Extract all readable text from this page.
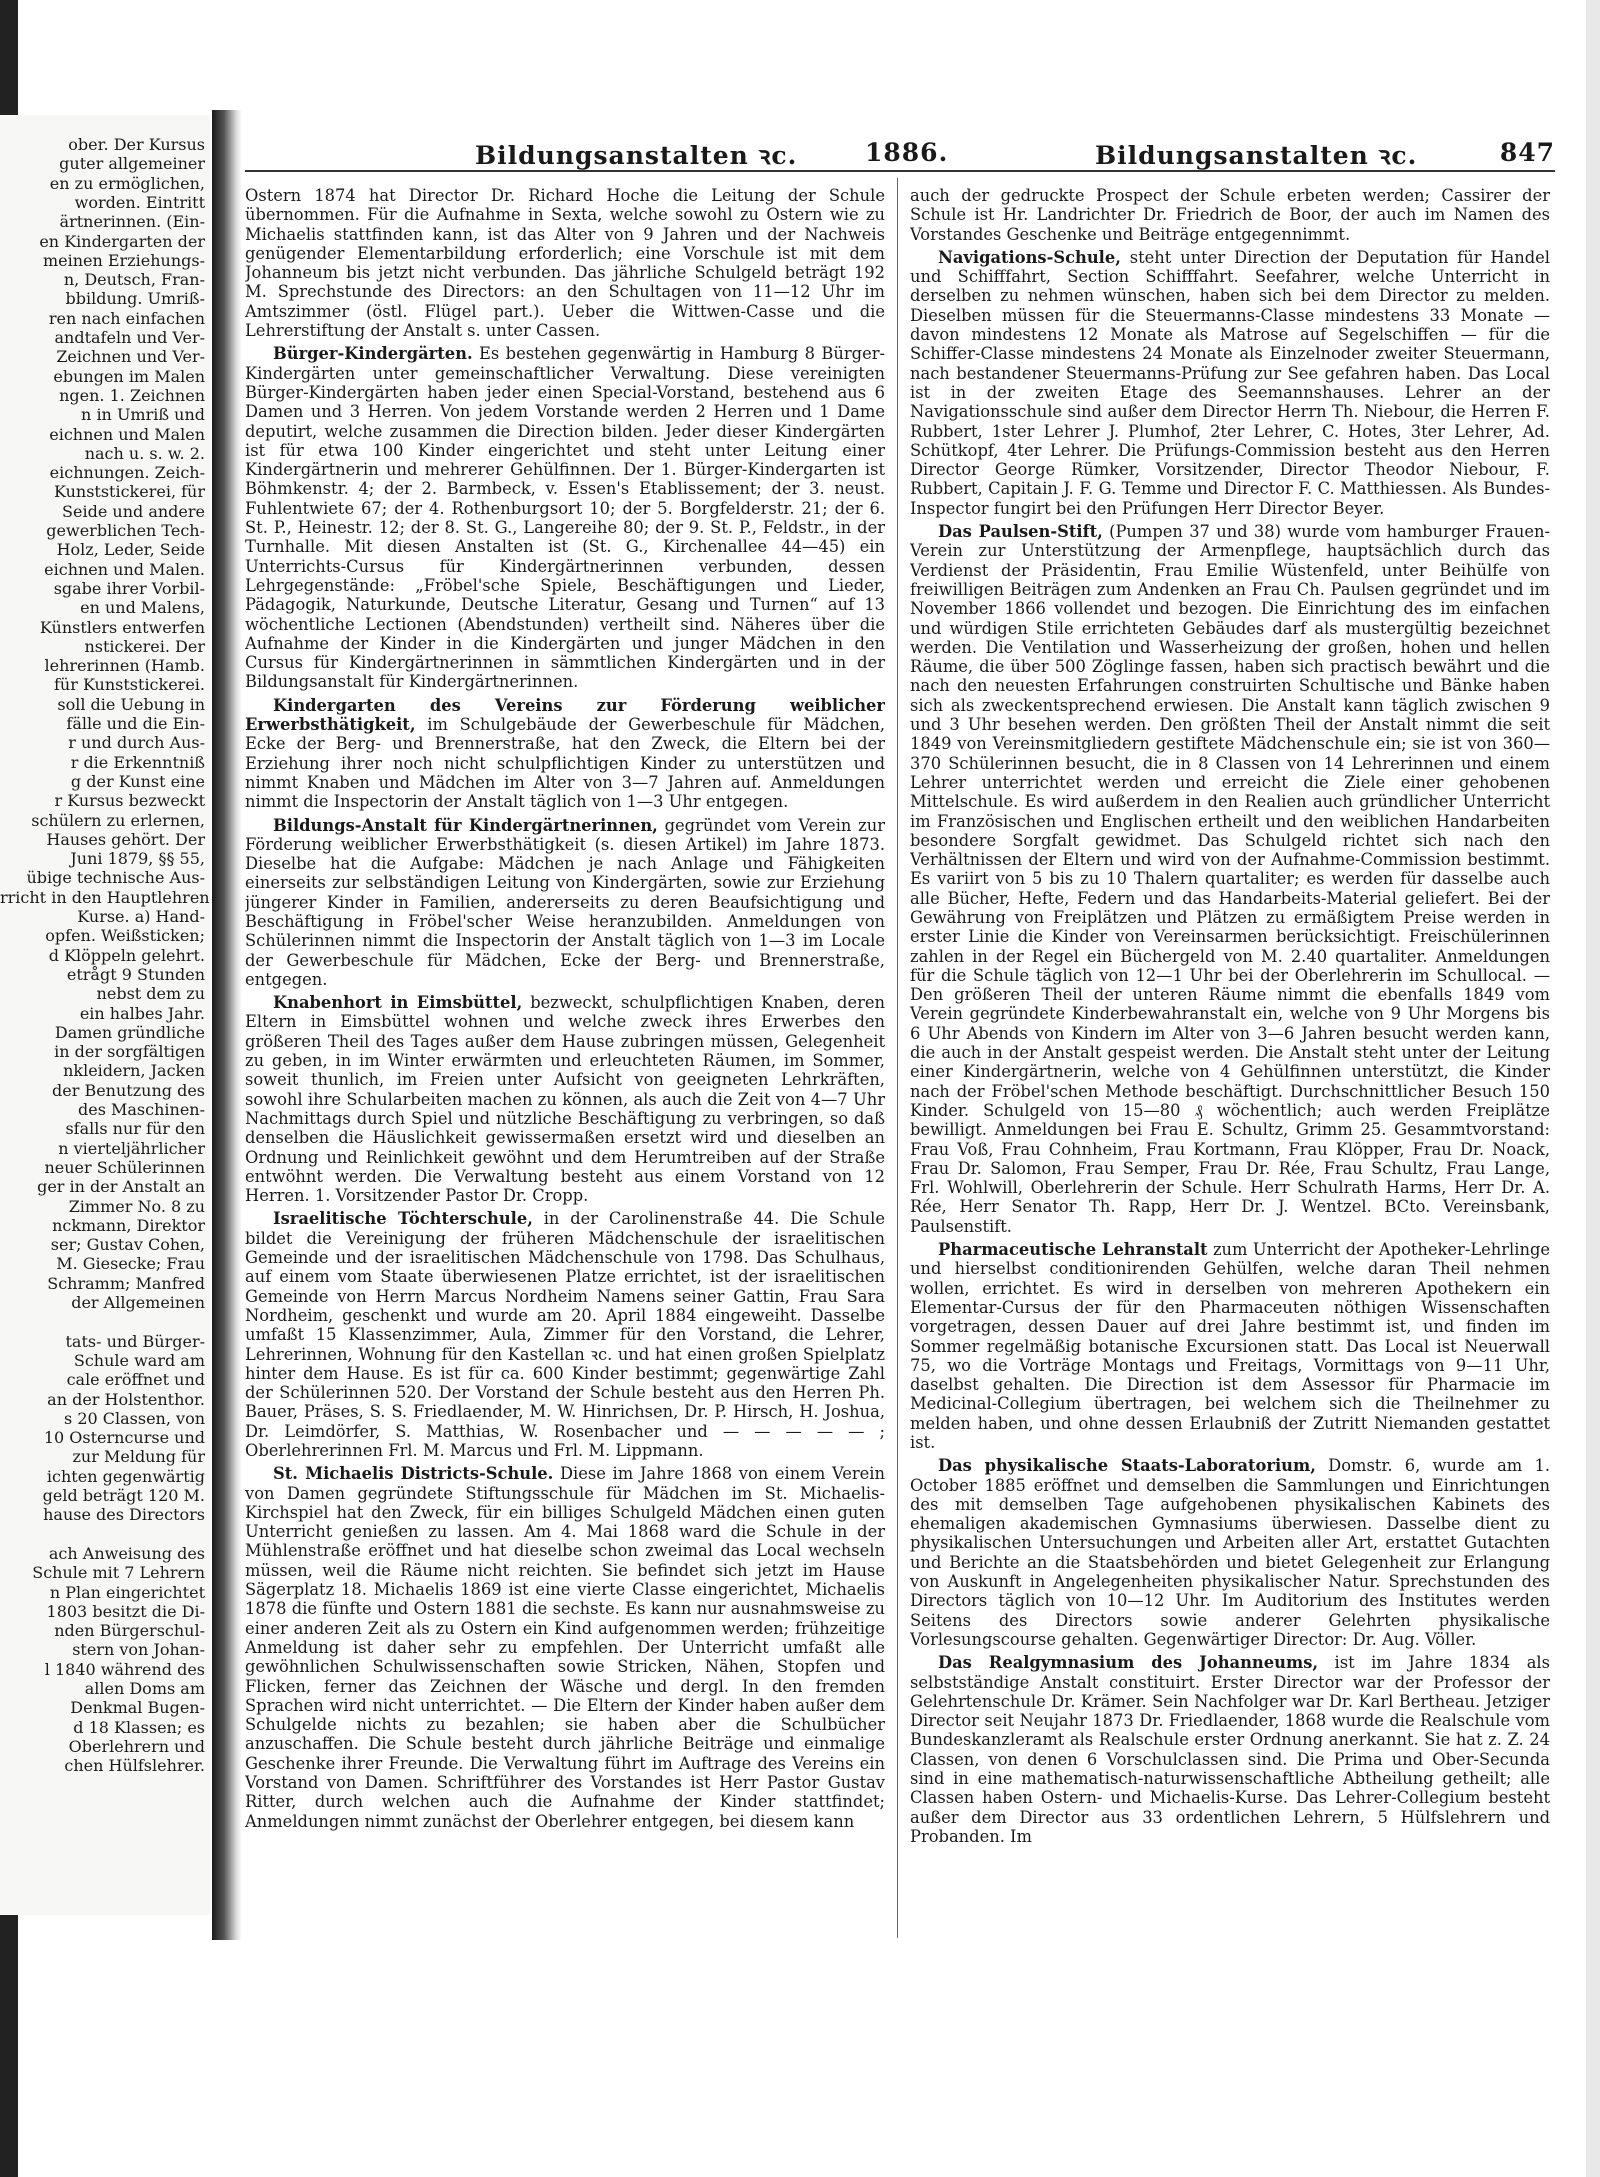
ober. Der Kursus
guter allgemeiner
en zu ermöglichen,
worden. Eintritt
ärtnerinnen. (Ein-
en Kindergarten der
meinen Erziehungs-
n, Deutsch, Fran-
bbildung. Umriß-
ren nach einfachen
andtafeln und Ver-
Zeichnen und Ver-
ebungen im Malen
ngen. 1. Zeichnen
n in Umriß und
eichnen und Malen
nach u. s. w. 2.
eichnungen. Zeich-
Kunststickerei, für
Seide und andere
gewerblichen Tech-
Holz, Leder, Seide
eichnen und Malen.
sgabe ihrer Vorbil-
en und Malens,
Künstlers entwerfen
nstickerei. Der
lehrerinnen (Hamb.
für Kunststickerei.
soll die Uebung in
fälle und die Ein-
r und durch Aus-
r die Erkenntniß
g der Kunst eine
r Kursus bezweckt
schülern zu erlernen,
Hauses gehört. Der
Juni 1879, §§ 55,
übige technische Aus-
rricht in den Hauptlehren
Kurse. a) Hand-
opfen. Weißsticken;
d Klöppeln gelehrt.
etrågt 9 Stunden
nebst dem zu
ein halbes Jahr.
Damen gründliche
in der sorgfältigen
nkleidern, Jacken
der Benutzung des
des Maschinen-
sfalls nur für den
n vierteljährlicher
neuer Schülerinnen
ger in der Anstalt an
Zimmer No. 8 zu
nckmann, Direktor
ser; Gustav Cohen,
M. Giesecke; Frau
Schramm; Manfred
der Allgemeinen
tats- und Bürger-
Schule ward am
cale eröffnet und
an der Holstenthor.
s 20 Classen, von
10 Osterncurse und
zur Meldung für
ichten gegenwärtig
geld beträgt 120 M.
hause des Directors
ach Anweisung des
Schule mit 7 Lehrern
n Plan eingerichtet
1803 besitzt die Di-
nden Bürgerschul-
stern von Johan-
l 1840 während des
allen Doms am
Denkmal Bugen-
d 18 Klassen; es
Oberlehrern und
chen Hülfslehrer.
Bildungsanstalten ꝛc.	1886.	Bildungsanstalten ꝛc.	847

Ostern 1874 hat Director Dr. Richard Hoche die Leitung der Schule übernommen. Für die Aufnahme in Sexta, welche sowohl zu Ostern wie zu Michaelis stattfinden kann, ist das Alter von 9 Jahren und der Nachweis genügender Elementarbildung erforderlich; eine Vorschule ist mit dem Johanneum bis jetzt nicht verbunden. Das jährliche Schulgeld beträgt 192 M. Sprechstunde des Directors: an den Schultagen von 11—12 Uhr im Amtszimmer (östl. Flügel part.). Ueber die Wittwen-Casse und die Lehrerstiftung der Anstalt s. unter Cassen.

Bürger-Kindergärten. Es bestehen gegenwärtig in Hamburg 8 Bürger-Kindergärten unter gemeinschaftlicher Verwaltung. Diese vereinigten Bürger-Kindergärten haben jeder einen Special-Vorstand, bestehend aus 6 Damen und 3 Herren. Von jedem Vorstande werden 2 Herren und 1 Dame deputirt, welche zusammen die Direction bilden. Jeder dieser Kindergärten ist für etwa 100 Kinder eingerichtet und steht unter Leitung einer Kindergärtnerin und mehrerer Gehülfinnen. Der 1. Bürger-Kindergarten ist Böhmkenstr. 4; der 2. Barmbeck, v. Essen's Etablissement; der 3. neust. Fuhlentwiete 67; der 4. Rothenburgsort 10; der 5. Borgfelderstr. 21; der 6. St. P., Heinestr. 12; der 8. St. G., Langereihe 80; der 9. St. P., Feldstr., in der Turnhalle. Mit diesen Anstalten ist (St. G., Kirchenallee 44—45) ein Unterrichts-Cursus für Kindergärtnerinnen verbunden, dessen Lehrgegenstände: „Fröbel'sche Spiele, Beschäftigungen und Lieder, Pädagogik, Naturkunde, Deutsche Literatur, Gesang und Turnen“ auf 13 wöchentliche Lectionen (Abendstunden) vertheilt sind. Näheres über die Aufnahme der Kinder in die Kindergärten und junger Mädchen in den Cursus für Kindergärtnerinnen in sämmtlichen Kindergärten und in der Bildungsanstalt für Kindergärtnerinnen.

Kindergarten des Vereins zur Förderung weiblicher Erwerbsthätigkeit, im Schulgebäude der Gewerbeschule für Mädchen, Ecke der Berg- und Brennerstraße, hat den Zweck, die Eltern bei der Erziehung ihrer noch nicht schulpflichtigen Kinder zu unterstützen und nimmt Knaben und Mädchen im Alter von 3—7 Jahren auf. Anmeldungen nimmt die Inspectorin der Anstalt täglich von 1—3 Uhr entgegen.

Bildungs-Anstalt für Kindergärtnerinnen, gegründet vom Verein zur Förderung weiblicher Erwerbsthätigkeit (s. diesen Artikel) im Jahre 1873. Dieselbe hat die Aufgabe: Mädchen je nach Anlage und Fähigkeiten einerseits zur selbständigen Leitung von Kindergärten, sowie zur Erziehung jüngerer Kinder in Familien, andererseits zu deren Beaufsichtigung und Beschäftigung in Fröbel'scher Weise heranzubilden. Anmeldungen von Schülerinnen nimmt die Inspectorin der Anstalt täglich von 1—3 im Locale der Gewerbeschule für Mädchen, Ecke der Berg- und Brennerstraße, entgegen.

Knabenhort in Eimsbüttel, bezweckt, schulpflichtigen Knaben, deren Eltern in Eimsbüttel wohnen und welche zweck ihres Erwerbes den größeren Theil des Tages außer dem Hause zubringen müssen, Gelegenheit zu geben, in im Winter erwärmten und erleuchteten Räumen, im Sommer, soweit thunlich, im Freien unter Aufsicht von geeigneten Lehrkräften, sowohl ihre Schularbeiten machen zu können, als auch die Zeit von 4—7 Uhr Nachmittags durch Spiel und nützliche Beschäftigung zu verbringen, so daß denselben die Häuslichkeit gewissermaßen ersetzt wird und dieselben an Ordnung und Reinlichkeit gewöhnt und dem Herumtreiben auf der Straße entwöhnt werden. Die Verwaltung besteht aus einem Vorstand von 12 Herren. 1. Vorsitzender Pastor Dr. Cropp.

Israelitische Töchterschule, in der Carolinenstraße 44. Die Schule bildet die Vereinigung der früheren Mädchenschule der israelitischen Gemeinde und der israelitischen Mädchenschule von 1798. Das Schulhaus, auf einem vom Staate überwiesenen Platze errichtet, ist der israelitischen Gemeinde von Herrn Marcus Nordheim Namens seiner Gattin, Frau Sara Nordheim, geschenkt und wurde am 20. April 1884 eingeweiht. Dasselbe umfaßt 15 Klassenzimmer, Aula, Zimmer für den Vorstand, die Lehrer, Lehrerinnen, Wohnung für den Kastellan ꝛc. und hat einen großen Spielplatz hinter dem Hause. Es ist für ca. 600 Kinder bestimmt; gegenwärtige Zahl der Schülerinnen 520. Der Vorstand der Schule besteht aus den Herren Ph. Bauer, Präses, S. S. Friedlaender, M. W. Hinrichsen, Dr. P. Hirsch, H. Joshua, Dr. Leimdörfer, S. Matthias, W. Rosenbacher und — — — — — ; Oberlehrerinnen Frl. M. Marcus und Frl. M. Lippmann.

St. Michaelis Districts-Schule. Diese im Jahre 1868 von einem Verein von Damen gegründete Stiftungsschule für Mädchen im St. Michaelis-Kirchspiel hat den Zweck, für ein billiges Schulgeld Mädchen einen guten Unterricht genießen zu lassen. Am 4. Mai 1868 ward die Schule in der Mühlenstraße eröffnet und hat dieselbe schon zweimal das Local wechseln müssen, weil die Räume nicht reichten. Sie befindet sich jetzt im Hause Sägerplatz 18. Michaelis 1869 ist eine vierte Classe eingerichtet, Michaelis 1878 die fünfte und Ostern 1881 die sechste. Es kann nur ausnahmsweise zu einer anderen Zeit als zu Ostern ein Kind aufgenommen werden; frühzeitige Anmeldung ist daher sehr zu empfehlen. Der Unterricht umfaßt alle gewöhnlichen Schulwissenschaften sowie Stricken, Nähen, Stopfen und Flicken, ferner das Zeichnen der Wäsche und dergl. In den fremden Sprachen wird nicht unterrichtet. — Die Eltern der Kinder haben außer dem Schulgelde nichts zu bezahlen; sie haben aber die Schulbücher anzuschaffen. Die Schule besteht durch jährliche Beiträge und einmalige Geschenke ihrer Freunde. Die Verwaltung führt im Auftrage des Vereins ein Vorstand von Damen. Schriftführer des Vorstandes ist Herr Pastor Gustav Ritter, durch welchen auch die Aufnahme der Kinder stattfindet; Anmeldungen nimmt zunächst der Oberlehrer entgegen, bei diesem kann

auch der gedruckte Prospect der Schule erbeten werden; Cassirer der Schule ist Hr. Landrichter Dr. Friedrich de Boor, der auch im Namen des Vorstandes Geschenke und Beiträge entgegennimmt.

Navigations-Schule, steht unter Direction der Deputation für Handel und Schifffahrt, Section Schifffahrt. Seefahrer, welche Unterricht in derselben zu nehmen wünschen, haben sich bei dem Director zu melden. Dieselben müssen für die Steuermanns-Classe mindestens 33 Monate — davon mindestens 12 Monate als Matrose auf Segelschiffen — für die Schiffer-Classe mindestens 24 Monate als Einzelnoder zweiter Steuermann, nach bestandener Steuermanns-Prüfung zur See gefahren haben. Das Local ist in der zweiten Etage des Seemannshauses. Lehrer an der Navigationsschule sind außer dem Director Herrn Th. Niebour, die Herren F. Rubbert, 1ster Lehrer J. Plumhof, 2ter Lehrer, C. Hotes, 3ter Lehrer, Ad. Schütkopf, 4ter Lehrer. Die Prüfungs-Commission besteht aus den Herren Director George Rümker, Vorsitzender, Director Theodor Niebour, F. Rubbert, Capitain J. F. G. Temme und Director F. C. Matthiessen. Als Bundes-Inspector fungirt bei den Prüfungen Herr Director Beyer.

Das Paulsen-Stift, (Pumpen 37 und 38) wurde vom hamburger Frauen-Verein zur Unterstützung der Armenpflege, hauptsächlich durch das Verdienst der Präsidentin, Frau Emilie Wüstenfeld, unter Beihülfe von freiwilligen Beiträgen zum Andenken an Frau Ch. Paulsen gegründet und im November 1866 vollendet und bezogen. Die Einrichtung des im einfachen und würdigen Stile errichteten Gebäudes darf als mustergültig bezeichnet werden. Die Ventilation und Wasserheizung der großen, hohen und hellen Räume, die über 500 Zöglinge fassen, haben sich practisch bewährt und die nach den neuesten Erfahrungen construirten Schultische und Bänke haben sich als zweckentsprechend erwiesen. Die Anstalt kann täglich zwischen 9 und 3 Uhr besehen werden. Den größten Theil der Anstalt nimmt die seit 1849 von Vereinsmitgliedern gestiftete Mädchenschule ein; sie ist von 360—370 Schülerinnen besucht, die in 8 Classen von 14 Lehrerinnen und einem Lehrer unterrichtet werden und erreicht die Ziele einer gehobenen Mittelschule. Es wird außerdem in den Realien auch gründlicher Unterricht im Französischen und Englischen ertheilt und den weiblichen Handarbeiten besondere Sorgfalt gewidmet. Das Schulgeld richtet sich nach den Verhältnissen der Eltern und wird von der Aufnahme-Commission bestimmt. Es variirt von 5 bis zu 10 Thalern quartaliter; es werden für dasselbe auch alle Bücher, Hefte, Federn und das Handarbeits-Material geliefert. Bei der Gewährung von Freiplätzen und Plätzen zu ermäßigtem Preise werden in erster Linie die Kinder von Vereinsarmen berücksichtigt. Freischülerinnen zahlen in der Regel ein Büchergeld von M. 2.40 quartaliter. Anmeldungen für die Schule täglich von 12—1 Uhr bei der Oberlehrerin im Schullocal. — Den größeren Theil der unteren Räume nimmt die ebenfalls 1849 vom Verein gegründete Kinderbewahranstalt ein, welche von 9 Uhr Morgens bis 6 Uhr Abends von Kindern im Alter von 3—6 Jahren besucht werden kann, die auch in der Anstalt gespeist werden. Die Anstalt steht unter der Leitung einer Kindergärtnerin, welche von 4 Gehülfinnen unterstützt, die Kinder nach der Fröbel'schen Methode beschäftigt. Durchschnittlicher Besuch 150 Kinder. Schulgeld von 15—80 ₰ wöchentlich; auch werden Freiplätze bewilligt. Anmeldungen bei Frau E. Schultz, Grimm 25. Gesammtvorstand: Frau Voß, Frau Cohnheim, Frau Kortmann, Frau Klöpper, Frau Dr. Noack, Frau Dr. Salomon, Frau Semper, Frau Dr. Rée, Frau Schultz, Frau Lange, Frl. Wohlwill, Oberlehrerin der Schule. Herr Schulrath Harms, Herr Dr. A. Rée, Herr Senator Th. Rapp, Herr Dr. J. Wentzel. BCto. Vereinsbank, Paulsenstift.

Pharmaceutische Lehranstalt zum Unterricht der Apotheker-Lehrlinge und hierselbst conditionirenden Gehülfen, welche daran Theil nehmen wollen, errichtet. Es wird in derselben von mehreren Apothekern ein Elementar-Cursus der für den Pharmaceuten nöthigen Wissenschaften vorgetragen, dessen Dauer auf drei Jahre bestimmt ist, und finden im Sommer regelmäßig botanische Excursionen statt. Das Local ist Neuerwall 75, wo die Vorträge Montags und Freitags, Vormittags von 9—11 Uhr, daselbst gehalten. Die Direction ist dem Assessor für Pharmacie im Medicinal-Collegium übertragen, bei welchem sich die Theilnehmer zu melden haben, und ohne dessen Erlaubniß der Zutritt Niemanden gestattet ist.

Das physikalische Staats-Laboratorium, Domstr. 6, wurde am 1. October 1885 eröffnet und demselben die Sammlungen und Einrichtungen des mit demselben Tage aufgehobenen physikalischen Kabinets des ehemaligen akademischen Gymnasiums überwiesen. Dasselbe dient zu physikalischen Untersuchungen und Arbeiten aller Art, erstattet Gutachten und Berichte an die Staatsbehörden und bietet Gelegenheit zur Erlangung von Auskunft in Angelegenheiten physikalischer Natur. Sprechstunden des Directors täglich von 10—12 Uhr. Im Auditorium des Institutes werden Seitens des Directors sowie anderer Gelehrten physikalische Vorlesungscourse gehalten. Gegenwärtiger Director: Dr. Aug. Völler.

Das Realgymnasium des Johanneums, ist im Jahre 1834 als selbstständige Anstalt constituirt. Erster Director war der Professor der Gelehrtenschule Dr. Krämer. Sein Nachfolger war Dr. Karl Bertheau. Jetziger Director seit Neujahr 1873 Dr. Friedlaender, 1868 wurde die Realschule vom Bundeskanzleramt als Realschule erster Ordnung anerkannt. Sie hat z. Z. 24 Classen, von denen 6 Vorschulclassen sind. Die Prima und Ober-Secunda sind in eine mathematisch-naturwissenschaftliche Abtheilung getheilt; alle Classen haben Ostern- und Michaelis-Kurse. Das Lehrer-Collegium besteht außer dem Director aus 33 ordentlichen Lehrern, 5 Hülfslehrern und Probanden. Im
